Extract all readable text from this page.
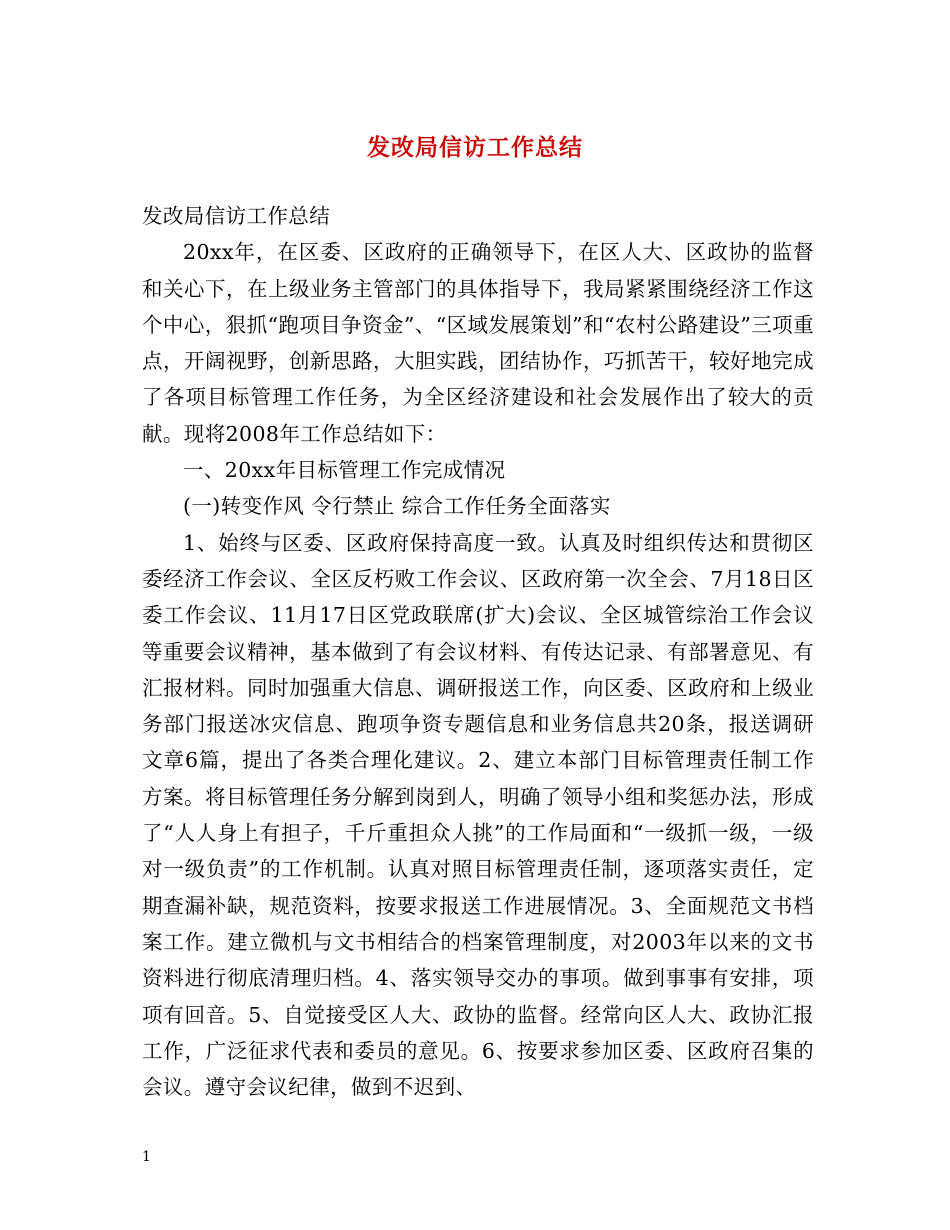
发改局信访工作总结

发改局信访工作总结

20xx年，在区委、区政府的正确领导下，在区人大、区政协的监督和关心下，在上级业务主管部门的具体指导下，我局紧紧围绕经济工作这个中心，狠抓“跑项目争资金”、“区域发展策划”和“农村公路建设”三项重点，开阔视野，创新思路，大胆实践，团结协作，巧抓苦干，较好地完成了各项目标管理工作任务，为全区经济建设和社会发展作出了较大的贡献。现将2008年工作总结如下：

一、20xx年目标管理工作完成情况

(一)转变作风 令行禁止 综合工作任务全面落实

1、始终与区委、区政府保持高度一致。认真及时组织传达和贯彻区委经济工作会议、全区反朽败工作会议、区政府第一次全会、7月18日区委工作会议、11月17日区党政联席(扩大)会议、全区城管综治工作会议等重要会议精神，基本做到了有会议材料、有传达记录、有部署意见、有汇报材料。同时加强重大信息、调研报送工作，向区委、区政府和上级业务部门报送冰灾信息、跑项争资专题信息和业务信息共20条，报送调研文章6篇，提出了各类合理化建议。2、建立本部门目标管理责任制工作方案。将目标管理任务分解到岗到人，明确了领导小组和奖惩办法，形成了“人人身上有担子，千斤重担众人挑”的工作局面和“一级抓一级，一级对一级负责”的工作机制。认真对照目标管理责任制，逐项落实责任，定期查漏补缺，规范资料，按要求报送工作进展情况。3、全面规范文书档案工作。建立微机与文书相结合的档案管理制度，对2003年以来的文书资料进行彻底清理归档。4、落实领导交办的事项。做到事事有安排，项项有回音。5、自觉接受区人大、政协的监督。经常向区人大、政协汇报工作，广泛征求代表和委员的意见。6、按要求参加区委、区政府召集的会议。遵守会议纪律，做到不迟到、

1
